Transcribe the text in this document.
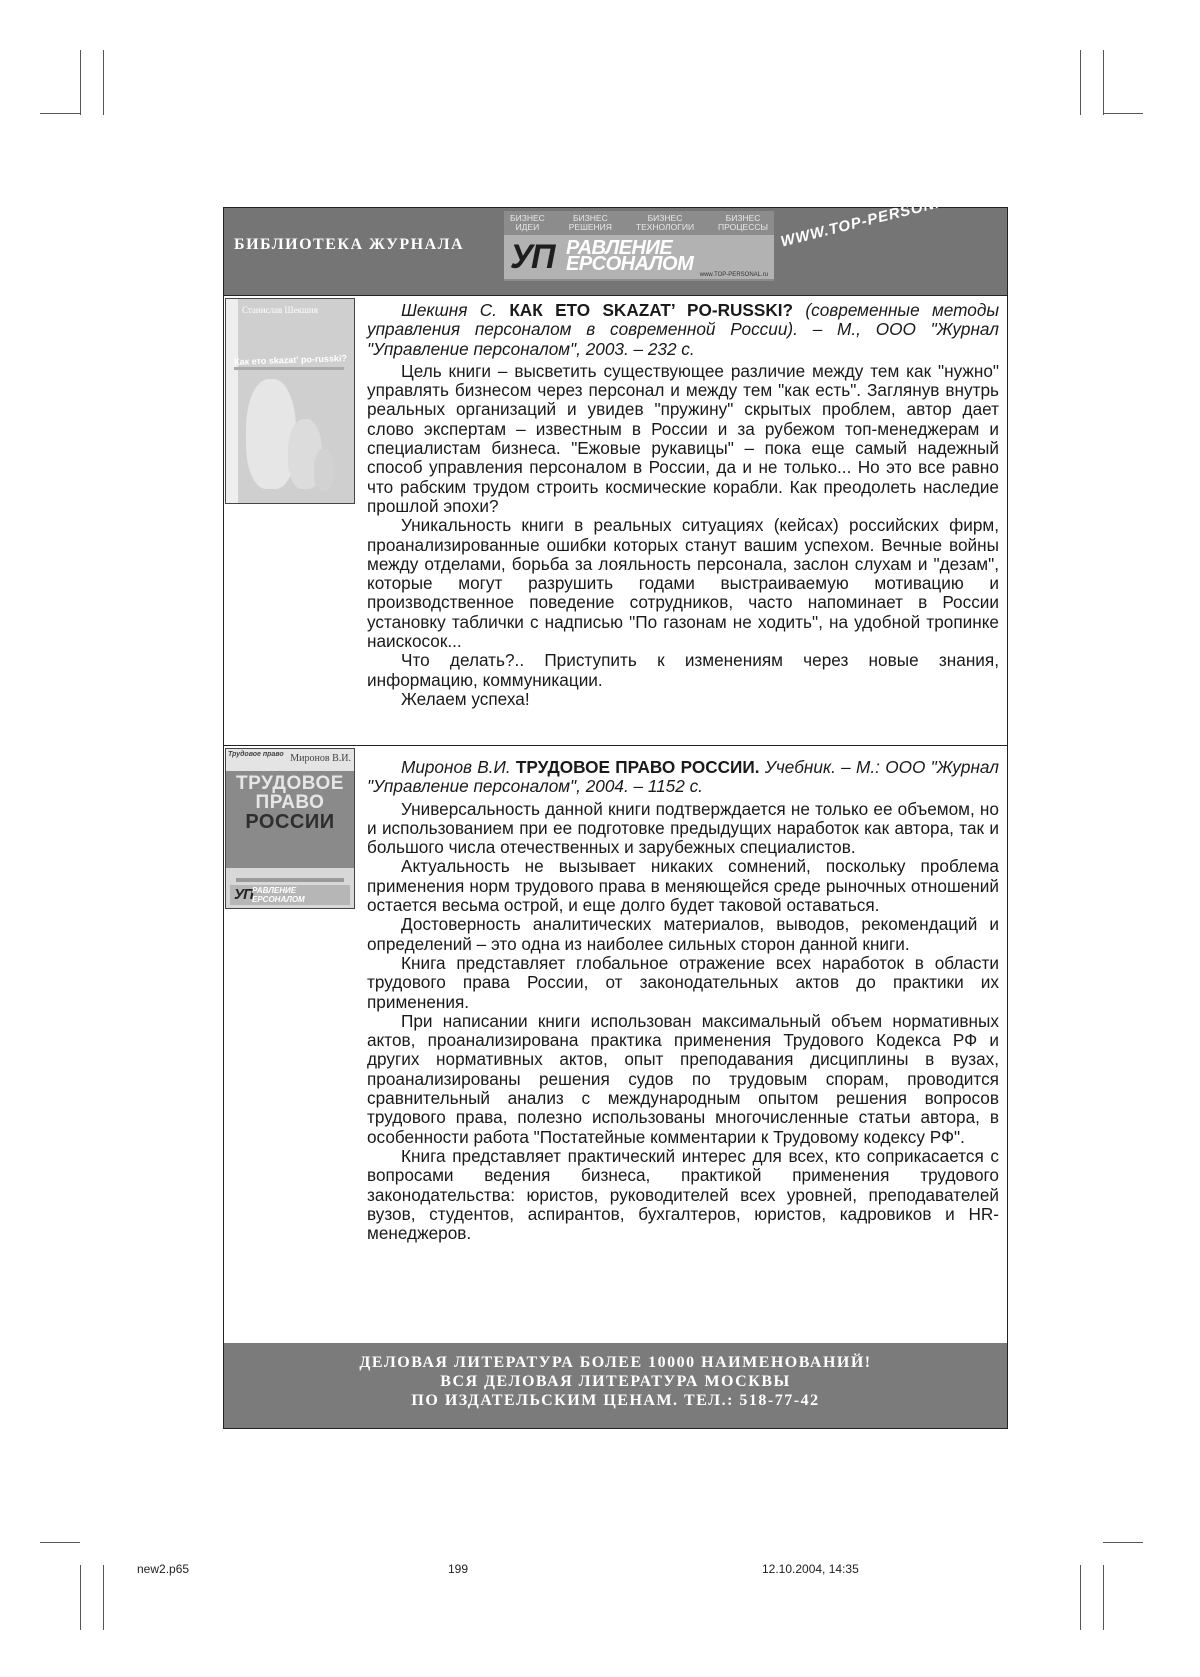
БИБЛИОТЕКА ЖУРНАЛА
БИЗНЕС
ИДЕИ
БИЗНЕС
РЕШЕНИЯ
БИЗНЕС
ТЕХНОЛОГИИ
БИЗНЕС
ПРОЦЕССЫ
УП РАВЛЕНИЕ
ЕРСОНАЛОМ www.TOP-PERSONAL.ru
WWW.TOP-PERSONAL.RU
Станислав Шекшня
Как ето skazat' po-russki?

Шекшня С. КАК ETO SKAZAT’ PO-RUSSKI? (современные методы управления персоналом в современной России). – М., ООО "Журнал "Управление персоналом", 2003. – 232 с.

Цель книги – высветить существующее различие между тем как "нужно" управлять бизнесом через персонал и между тем "как есть". Заглянув внутрь реальных организаций и увидев "пружину" скрытых проблем, автор дает слово экспертам – известным в России и за рубежом топ-менеджерам и специалистам бизнеса. "Ежовые рукавицы" – пока еще самый надежный способ управления персоналом в России, да и не только... Но это все равно что рабским трудом строить космические корабли. Как преодолеть наследие прошлой эпохи?

Уникальность книги в реальных ситуациях (кейсах) российских фирм, проанализированные ошибки которых станут вашим успехом. Вечные войны между отделами, борьба за лояльность персонала, заслон слухам и "дезам", которые могут разрушить годами выстраиваемую мотивацию и производственное поведение сотрудников, часто напоминает в России установку таблички с надписью "По газонам не ходить", на удобной тропинке наискосок...

Что делать?.. Приступить к изменениям через новые знания, информацию, коммуникации.

Желаем успеха!

Трудовое право Миронов В.И.
ТРУДОВОЕ
ПРАВО
РОССИИ
УП РАВЛЕНИЕ
ЕРСОНАЛОМ

Миронов В.И. ТРУДОВОЕ ПРАВО РОССИИ. Учебник. – М.: ООО "Журнал "Управление персоналом", 2004. – 1152 с.

Универсальность данной книги подтверждается не только ее объемом, но и использованием при ее подготовке предыдущих наработок как автора, так и большого числа отечественных и зарубежных специалистов.

Актуальность не вызывает никаких сомнений, поскольку проблема применения норм трудового права в меняющейся среде рыночных отношений остается весьма острой, и еще долго будет таковой оставаться.

Достоверность аналитических материалов, выводов, рекомендаций и определений – это одна из наиболее сильных сторон данной книги.

Книга представляет глобальное отражение всех наработок в области трудового права России, от законодательных актов до практики их применения.

При написании книги использован максимальный объем нормативных актов, проанализирована практика применения Трудового Кодекса РФ и других нормативных актов, опыт преподавания дисциплины в вузах, проанализированы решения судов по трудовым спорам, проводится сравнительный анализ с международным опытом решения вопросов трудового права, полезно использованы многочисленные статьи автора, в особенности работа "Постатейные комментарии к Трудовому кодексу РФ".

Книга представляет практический интерес для всех, кто соприкасается с вопросами ведения бизнеса, практикой применения трудового законодательства: юристов, руководителей всех уровней, преподавателей вузов, студентов, аспирантов, бухгалтеров, юристов, кадровиков и HR-менеджеров.

ДЕЛОВАЯ ЛИТЕРАТУРА БОЛЕЕ 10000 НАИМЕНОВАНИЙ!
ВСЯ ДЕЛОВАЯ ЛИТЕРАТУРА МОСКВЫ
ПО ИЗДАТЕЛЬСКИМ ЦЕНАМ. ТЕЛ.: 518-77-42
new2.p65	199	12.10.2004, 14:35
